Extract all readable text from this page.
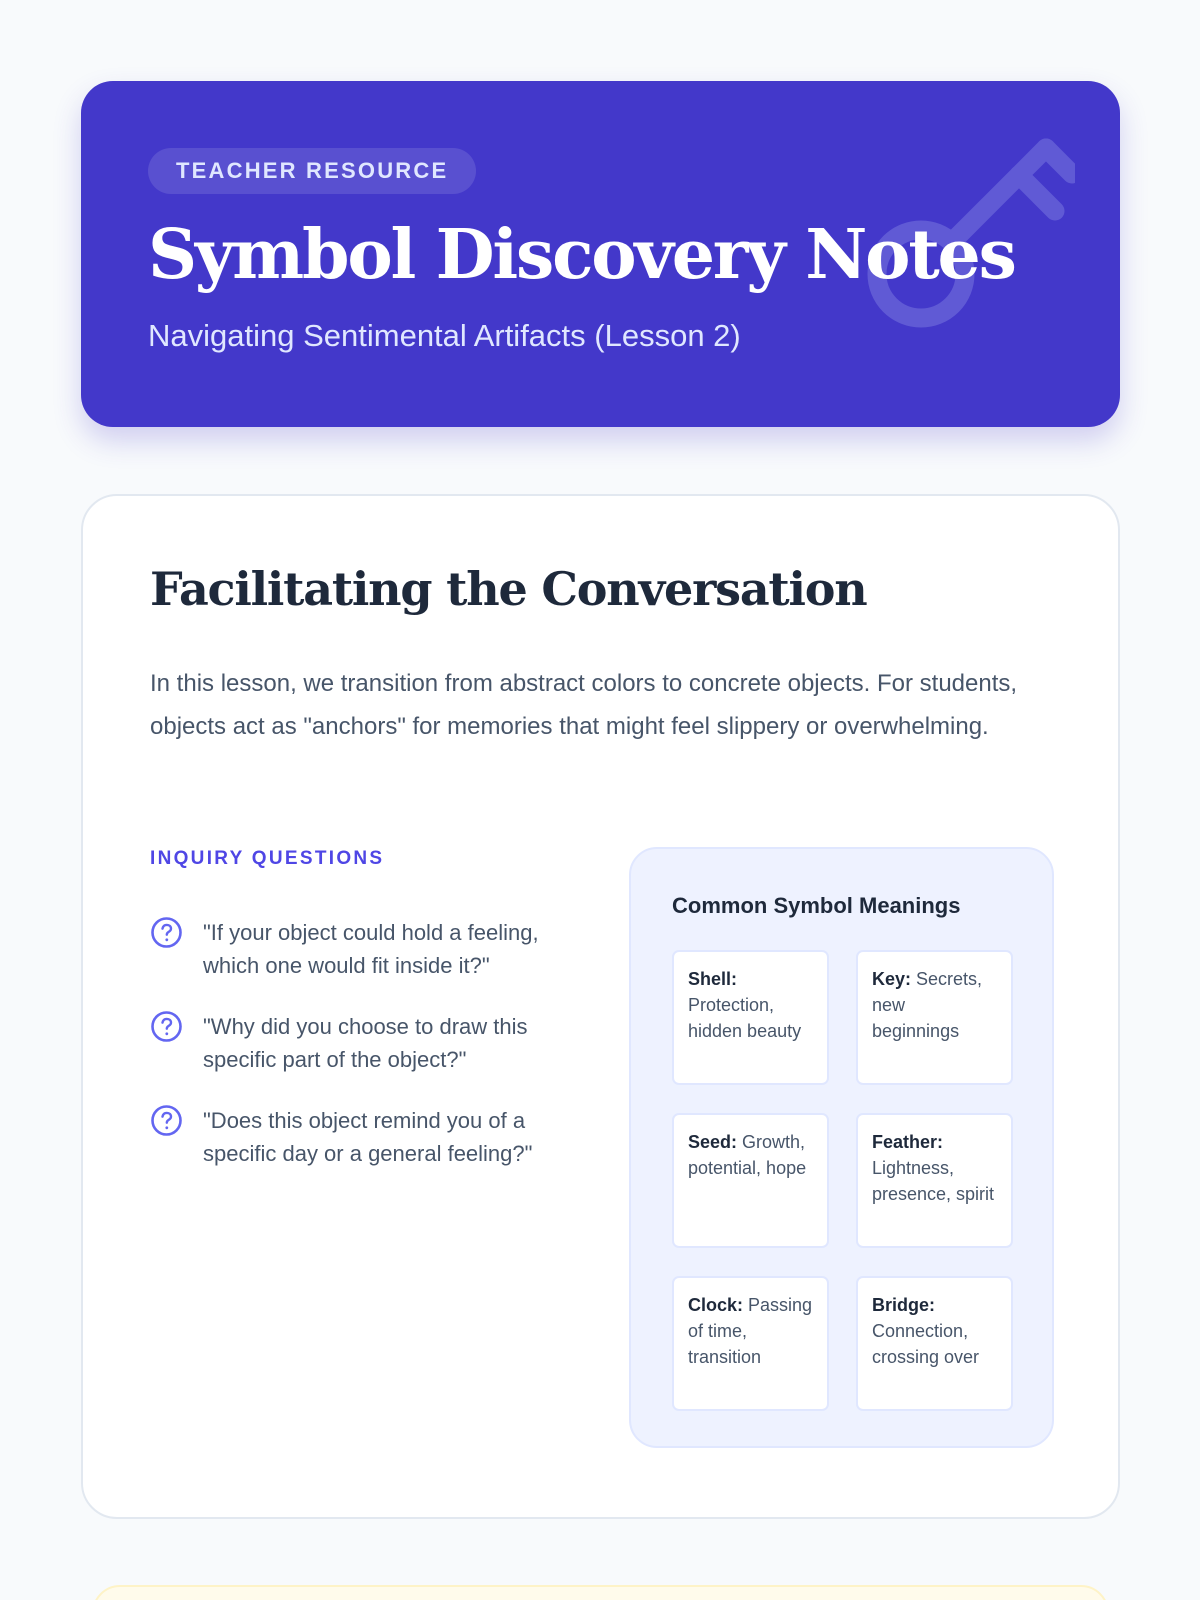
TEACHER RESOURCE
Symbol Discovery Notes

Navigating Sentimental Artifacts (Lesson 2)

Facilitating the Conversation

In this lesson, we transition from abstract colors to concrete objects. For students, objects act as "anchors" for memories that might feel slippery or overwhelming.

INQUIRY QUESTIONS
"If your object could hold a feeling, which one would fit inside it?"
"Why did you choose to draw this specific part of the object?"
"Does this object remind you of a specific day or a general feeling?"
Common Symbol Meanings
Shell: Protection, hidden beauty
Key: Secrets, new beginnings
Seed: Growth, potential, hope
Feather: Lightness, presence, spirit
Clock: Passing of time, transition
Bridge: Connection, crossing over
